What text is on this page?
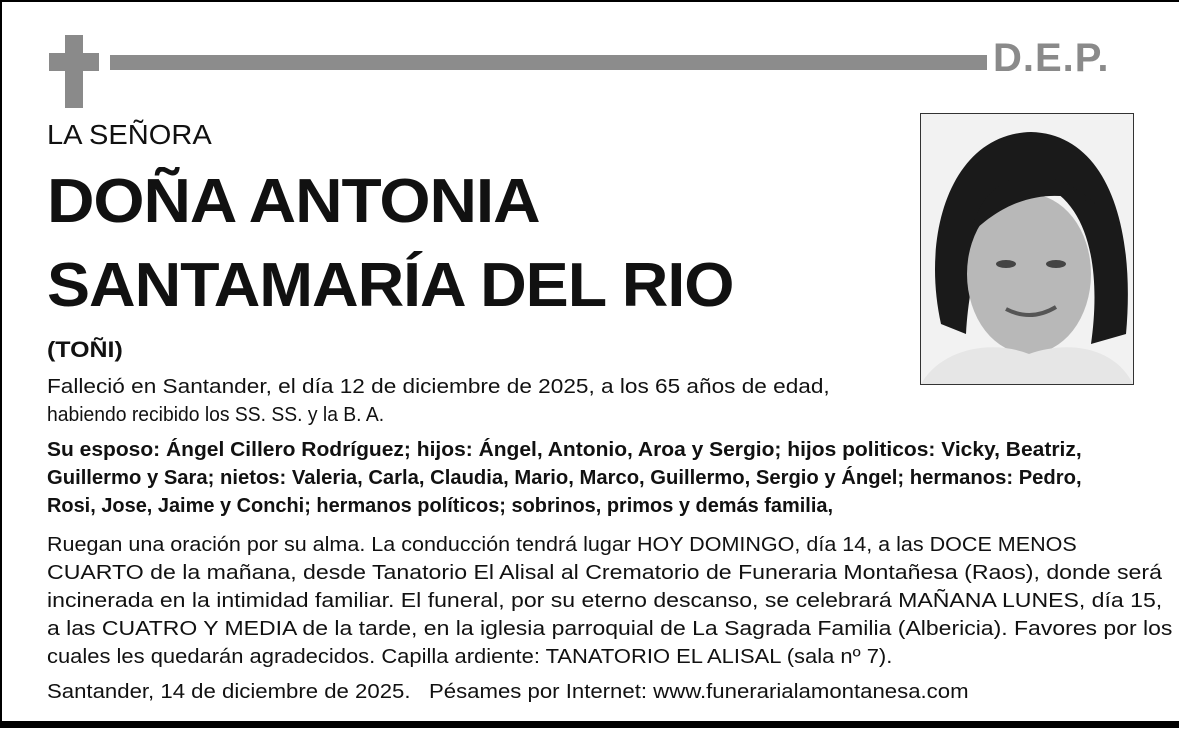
D.E.P.
LA SEÑORA
DOÑA ANTONIA
SANTAMARÍA DEL RIO
(TOÑI)
Falleció en Santander, el día 12 de diciembre de 2025, a los 65 años de edad,
habiendo recibido los SS. SS. y la B. A.
Su esposo: Ángel Cillero Rodríguez; hijos: Ángel, Antonio, Aroa y Sergio; hijos politicos: Vicky, Beatriz,
Guillermo y Sara; nietos: Valeria, Carla, Claudia, Mario, Marco, Guillermo, Sergio y Ángel; hermanos: Pedro,
Rosi, Jose, Jaime y Conchi; hermanos políticos; sobrinos, primos y demás familia,
Ruegan una oración por su alma. La conducción tendrá lugar HOY DOMINGO, día 14, a las DOCE MENOS
CUARTO de la mañana, desde Tanatorio El Alisal al Crematorio de Funeraria Montañesa (Raos), donde será
incinerada en la intimidad familiar. El funeral, por su eterno descanso, se celebrará MAÑANA LUNES, día 15,
a las CUATRO Y MEDIA de la tarde, en la iglesia parroquial de La Sagrada Familia (Albericia). Favores por los
cuales les quedarán agradecidos. Capilla ardiente: TANATORIO EL ALISAL (sala nº 7).
Santander, 14 de diciembre de 2025.   Pésames por Internet: www.funerarialamontanesa.com
